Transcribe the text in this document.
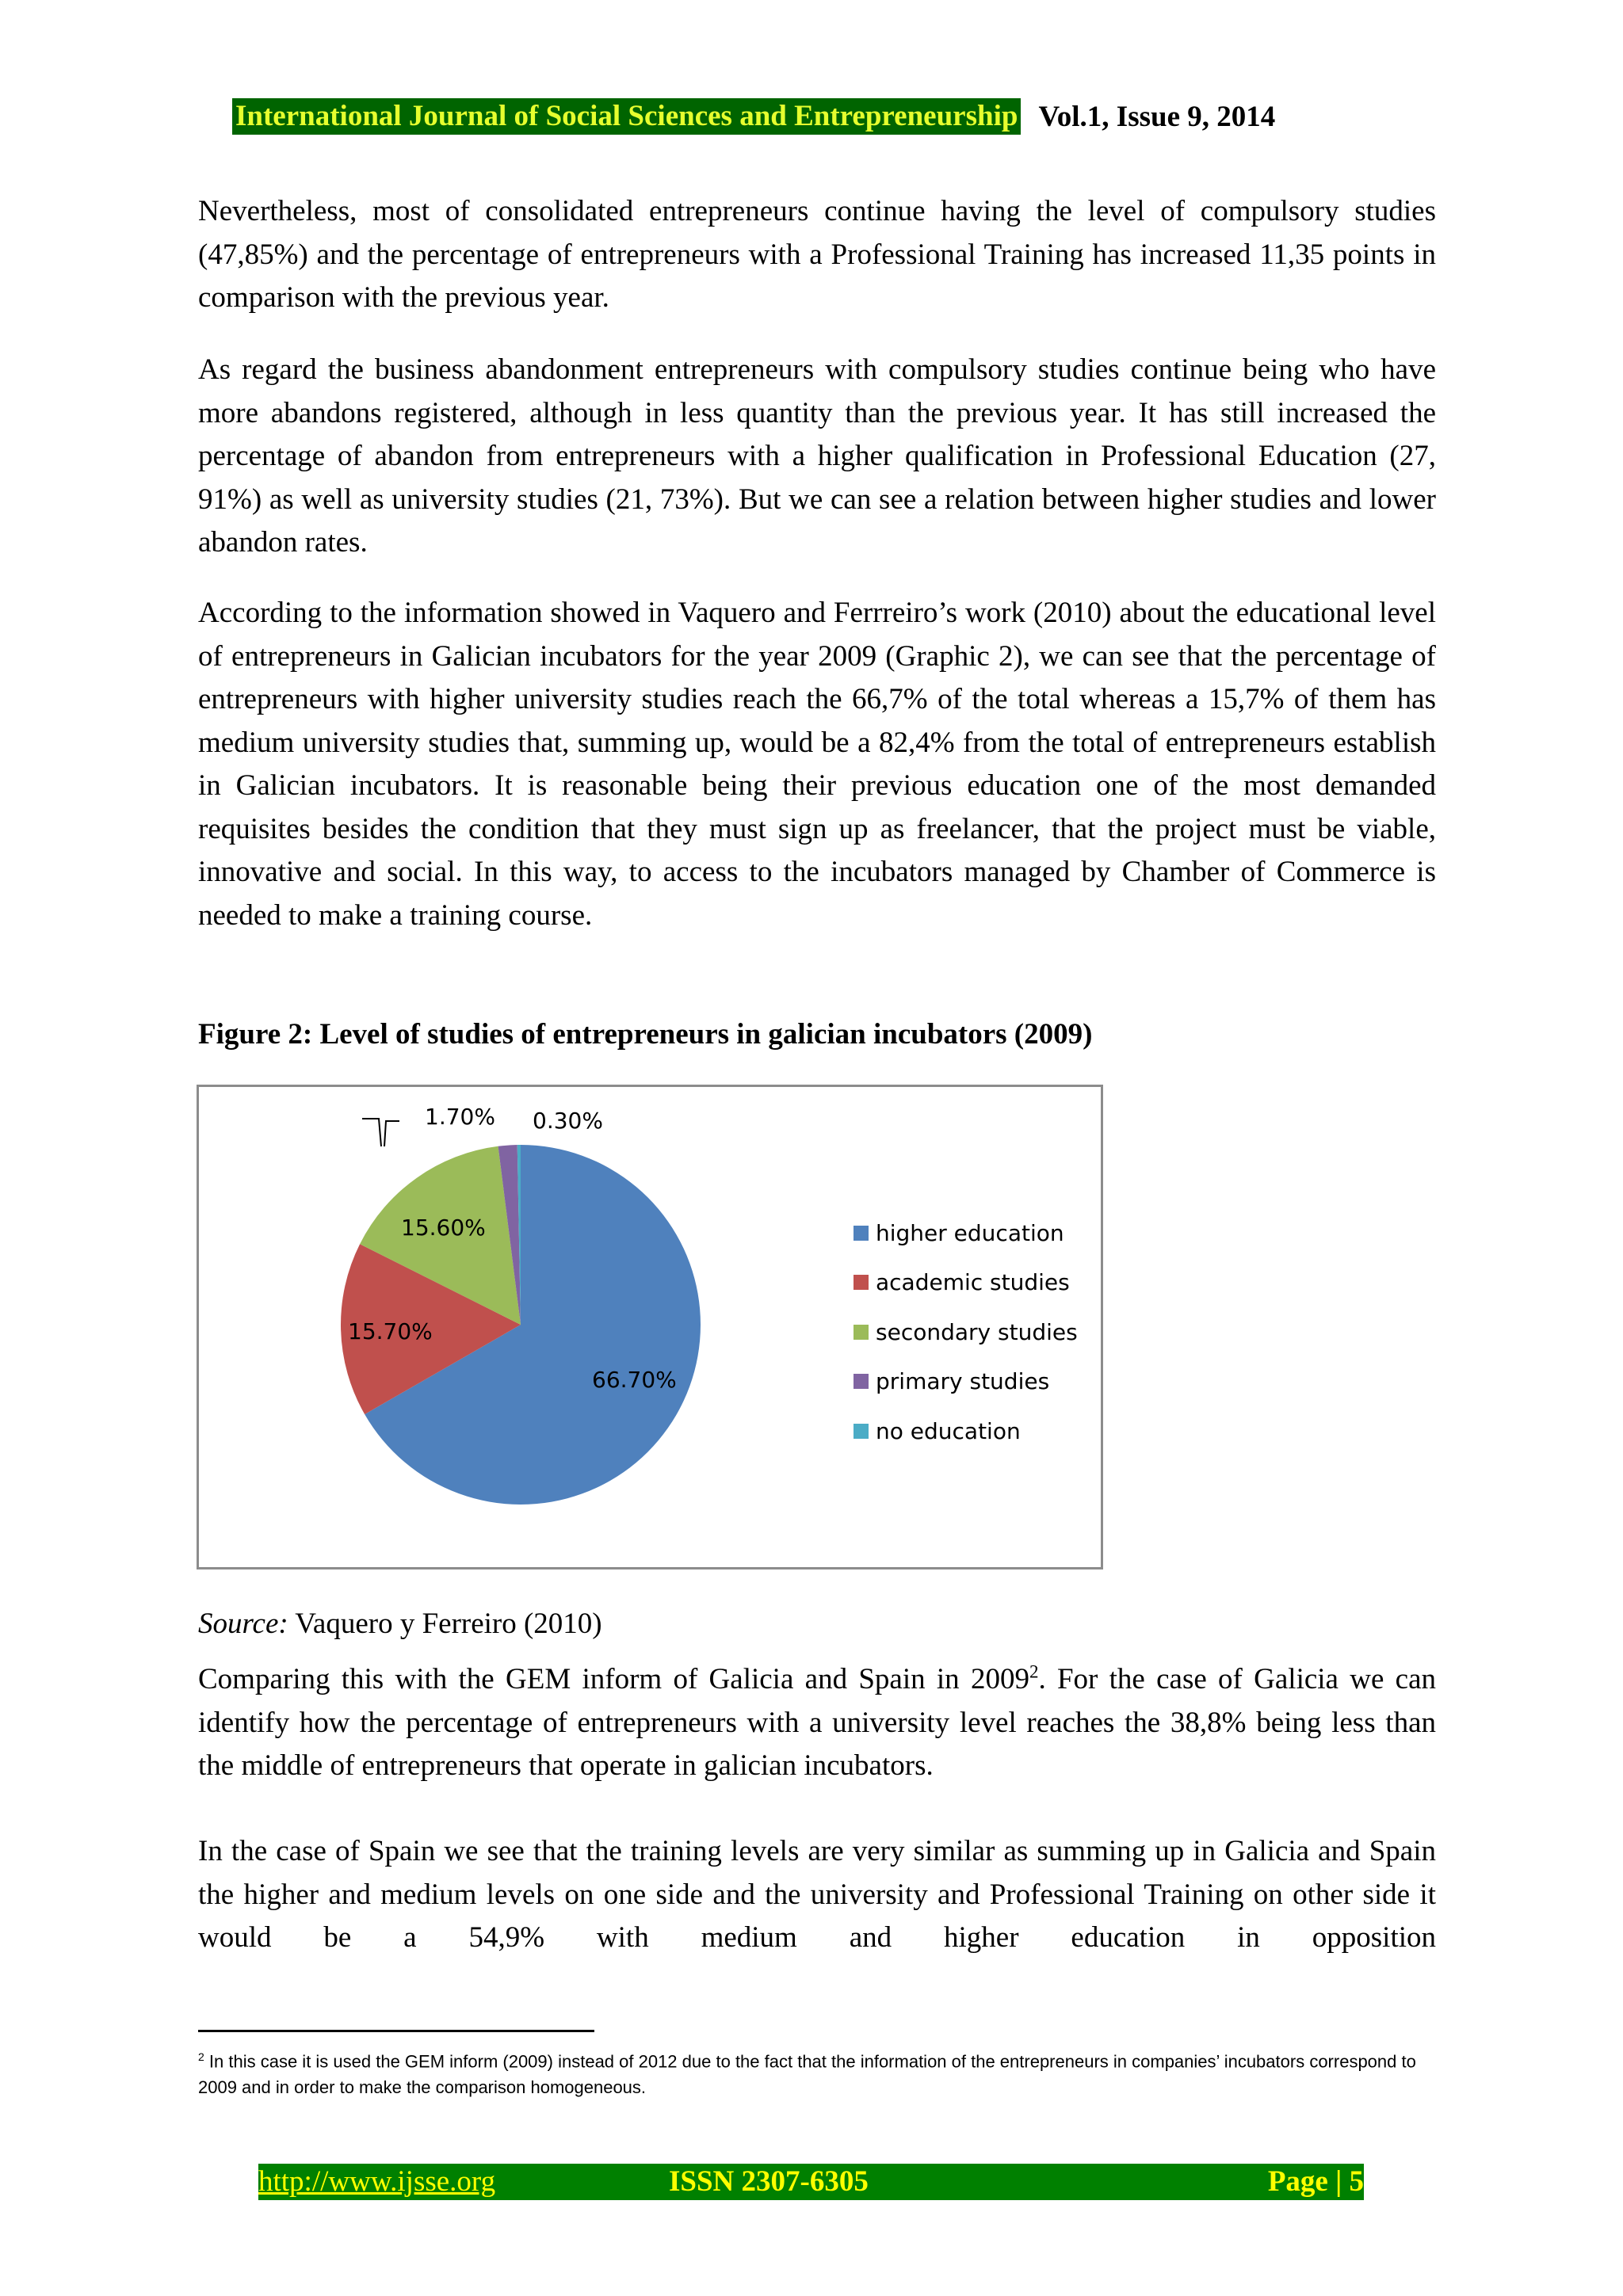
International Journal of Social Sciences and Entrepreneurship Vol.1, Issue 9, 2014

Nevertheless, most of consolidated entrepreneurs continue having the level of compulsory studies (47,85%) and the percentage of entrepreneurs with a Professional Training has increased 11,35 points in comparison with the previous year.

As regard the business abandonment entrepreneurs with compulsory studies continue being who have more abandons registered, although in less quantity than the previous year. It has still increased the percentage of abandon from entrepreneurs with a higher qualification in Professional Education (27, 91%) as well as university studies (21, 73%). But we can see a relation between higher studies and lower abandon rates.

According to the information showed in Vaquero and Ferrreiro’s work (2010) about the educational level of entrepreneurs in Galician incubators for the year 2009 (Graphic 2), we can see that the percentage of entrepreneurs with higher university studies reach the 66,7% of the total whereas a 15,7% of them has medium university studies that, summing up, would be a 82,4% from the total of entrepreneurs establish in Galician incubators. It is reasonable being their previous education one of the most demanded requisites besides the condition that they must sign up as freelancer, that the project must be viable, innovative and social. In this way, to access to the incubators managed by Chamber of Commerce is needed to make a training course.

Figure 2: Level of studies of entrepreneurs in galician incubators (2009)

66.70%
15.70%
15.60%
1.70% 0.30%
higher education
academic studies
secondary studies
primary studies
no education
Source: Vaquero y Ferreiro (2010)

Comparing this with the GEM inform of Galicia and Spain in 2009$^2$. For the case of Galicia we can identify how the percentage of entrepreneurs with a university level reaches the 38,8% being less than the middle of entrepreneurs that operate in galician incubators.

In the case of Spain we see that the training levels are very similar as summing up in Galicia and Spain the higher and medium levels on one side and the university and Professional Training on other side it would be a 54,9% with medium and higher education in opposition

$^2$ In this case it is used the GEM inform (2009) instead of 2012 due to the fact that the information of the entrepreneurs in companies’ incubators correspond to 2009 and in order to make the comparison homogeneous.
http://www.ijsse.org	ISSN 2307-6305	Page | 5
